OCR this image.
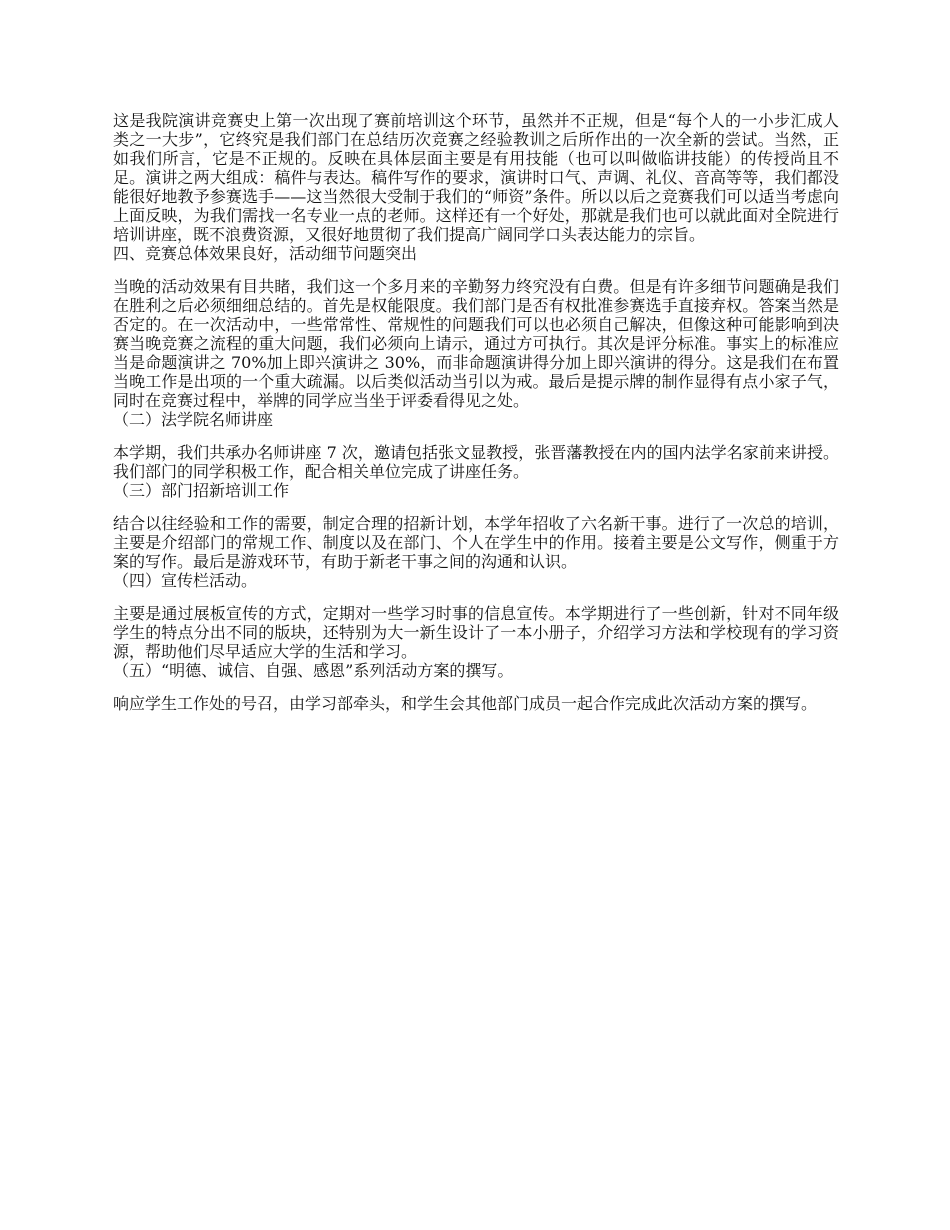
这是我院演讲竞赛史上第一次出现了赛前培训这个环节，虽然并不正规，但是“每个人的一小步汇成人类之一大步”，它终究是我们部门在总结历次竞赛之经验教训之后所作出的一次全新的尝试。当然，正如我们所言，它是不正规的。反映在具体层面主要是有用技能（也可以叫做临讲技能）的传授尚且不足。演讲之两大组成：稿件与表达。稿件写作的要求，演讲时口气、声调、礼仪、音高等等，我们都没能很好地教予参赛选手——这当然很大受制于我们的“师资”条件。所以以后之竞赛我们可以适当考虑向上面反映，为我们需找一名专业一点的老师。这样还有一个好处，那就是我们也可以就此面对全院进行培训讲座，既不浪费资源，又很好地贯彻了我们提高广阔同学口头表达能力的宗旨。

四、竞赛总体效果良好，活动细节问题突出

当晚的活动效果有目共睹，我们这一个多月来的辛勤努力终究没有白费。但是有许多细节问题确是我们在胜利之后必须细细总结的。首先是权能限度。我们部门是否有权批准参赛选手直接弃权。答案当然是否定的。在一次活动中，一些常常性、常规性的问题我们可以也必须自己解决，但像这种可能影响到决赛当晚竞赛之流程的重大问题，我们必须向上请示，通过方可执行。其次是评分标准。事实上的标准应当是命题演讲之 70%加上即兴演讲之 30%，而非命题演讲得分加上即兴演讲的得分。这是我们在布置当晚工作是出项的一个重大疏漏。以后类似活动当引以为戒。最后是提示牌的制作显得有点小家子气，同时在竞赛过程中，举牌的同学应当坐于评委看得见之处。

（二）法学院名师讲座

本学期，我们共承办名师讲座 7 次，邀请包括张文显教授，张晋藩教授在内的国内法学名家前来讲授。我们部门的同学积极工作，配合相关单位完成了讲座任务。

（三）部门招新培训工作

结合以往经验和工作的需要，制定合理的招新计划，本学年招收了六名新干事。进行了一次总的培训，主要是介绍部门的常规工作、制度以及在部门、个人在学生中的作用。接着主要是公文写作，侧重于方案的写作。最后是游戏环节，有助于新老干事之间的沟通和认识。

（四）宣传栏活动。

主要是通过展板宣传的方式，定期对一些学习时事的信息宣传。本学期进行了一些创新，针对不同年级学生的特点分出不同的版块，还特别为大一新生设计了一本小册子，介绍学习方法和学校现有的学习资源，帮助他们尽早适应大学的生活和学习。

（五）“明德、诚信、自强、感恩”系列活动方案的撰写。

响应学生工作处的号召，由学习部牵头，和学生会其他部门成员一起合作完成此次活动方案的撰写。
